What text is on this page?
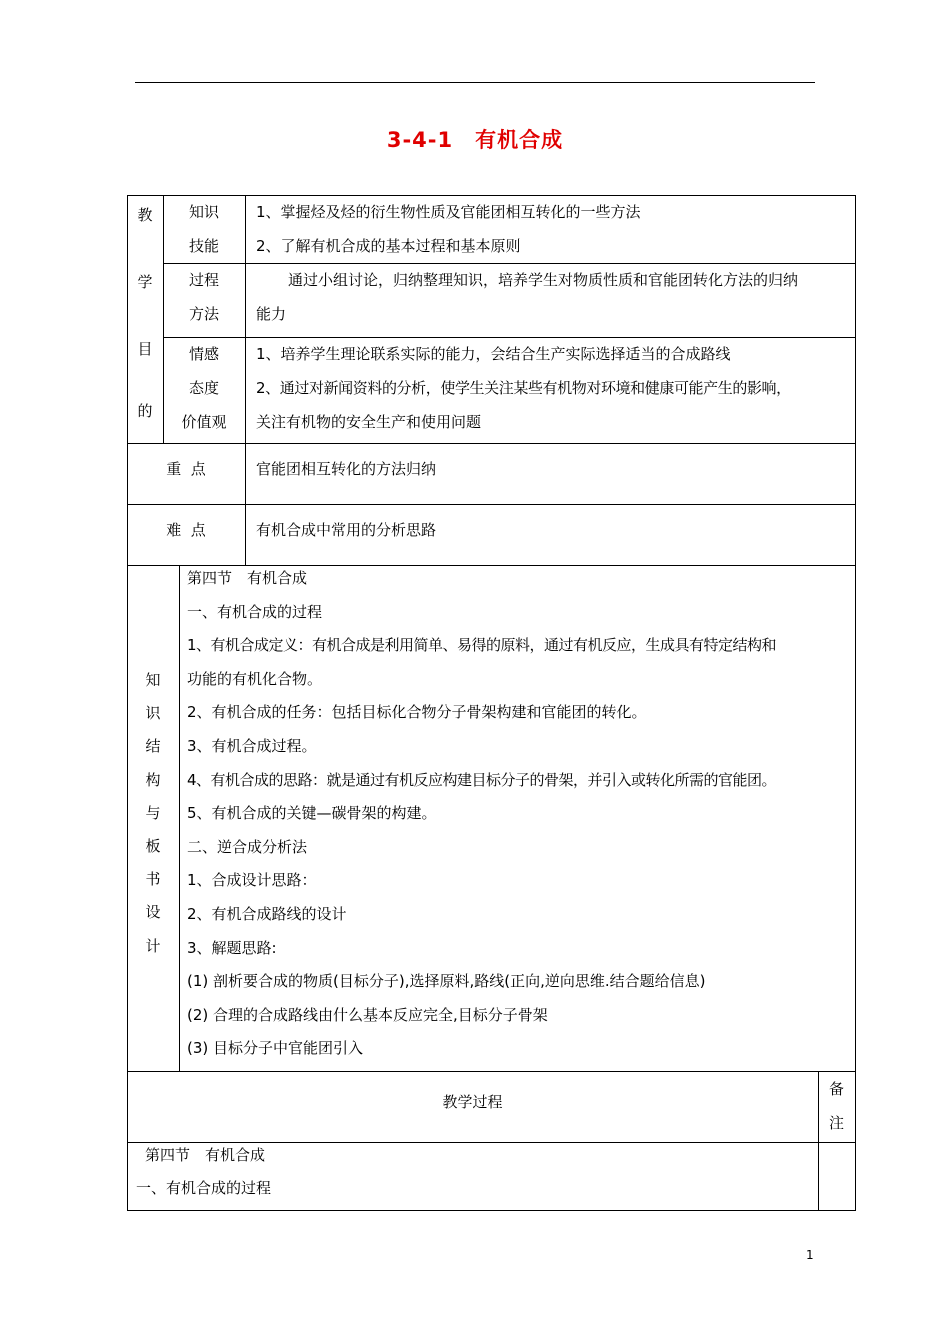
3-4-1　有机合成
教
学
目
的
知识
技能

1、掌握烃及烃的衍生物性质及官能团相互转化的一些方法

2、了解有机合成的基本过程和基本原则

过程
方法

通过小组讨论，归纳整理知识，培养学生对物质性质和官能团转化方法的归纳

能力

情感
态度
价值观

1、培养学生理论联系实际的能力，会结合生产实际选择适当的合成路线

2、通过对新闻资料的分析，使学生关注某些有机物对环境和健康可能产生的影响，

关注有机物的安全生产和使用问题

重  点	官能团相互转化的方法归纳
难  点	有机合成中常用的分析思路
知
识
结
构
与
板
书
设
计

第四节　有机合成

一、有机合成的过程

1、有机合成定义：有机合成是利用简单、易得的原料，通过有机反应，生成具有特定结构和

功能的有机化合物。

2、有机合成的任务：包括目标化合物分子骨架构建和官能团的转化。

3、有机合成过程。

4、有机合成的思路：就是通过有机反应构建目标分子的骨架，并引入或转化所需的官能团。

5、有机合成的关键—碳骨架的构建。

二、逆合成分析法

1、合成设计思路：

2、有机合成路线的设计

3、解题思路:

(1) 剖析要合成的物质(目标分子),选择原料,路线(正向,逆向思维.结合题给信息)

(2) 合理的合成路线由什么基本反应完全,目标分子骨架

(3) 目标分子中官能团引入

教学过程
备
注

第四节　有机合成

一、有机合成的过程

1
